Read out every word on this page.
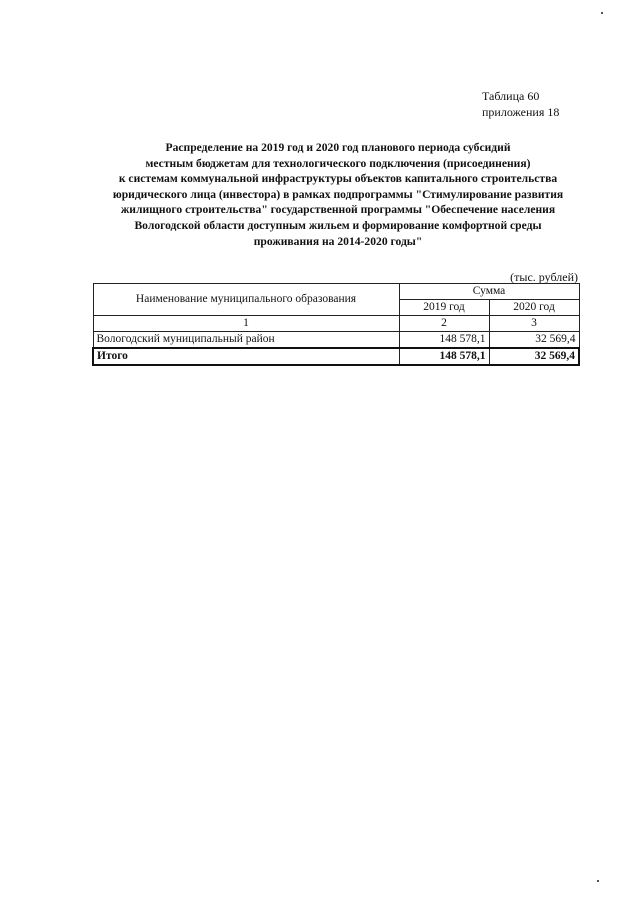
Таблица 60
приложения 18
Распределение на 2019 год и 2020 год планового периода субсидий
местным бюджетам для технологического подключения (присоединения)
к системам коммунальной инфраструктуры объектов капитального строительства
юридического лица (инвестора) в рамках подпрограммы "Стимулирование развития
жилищного строительства" государственной программы "Обеспечение населения
Вологодской области доступным жильем и формирование комфортной среды
проживания на 2014-2020 годы"
(тыс. рублей)
Наименование муниципального образования	Сумма	
	2019 год	2020 год
1	2	3
Вологодский муниципальный район	148 578,1	32 569,4
Итого	148 578,1	32 569,4
